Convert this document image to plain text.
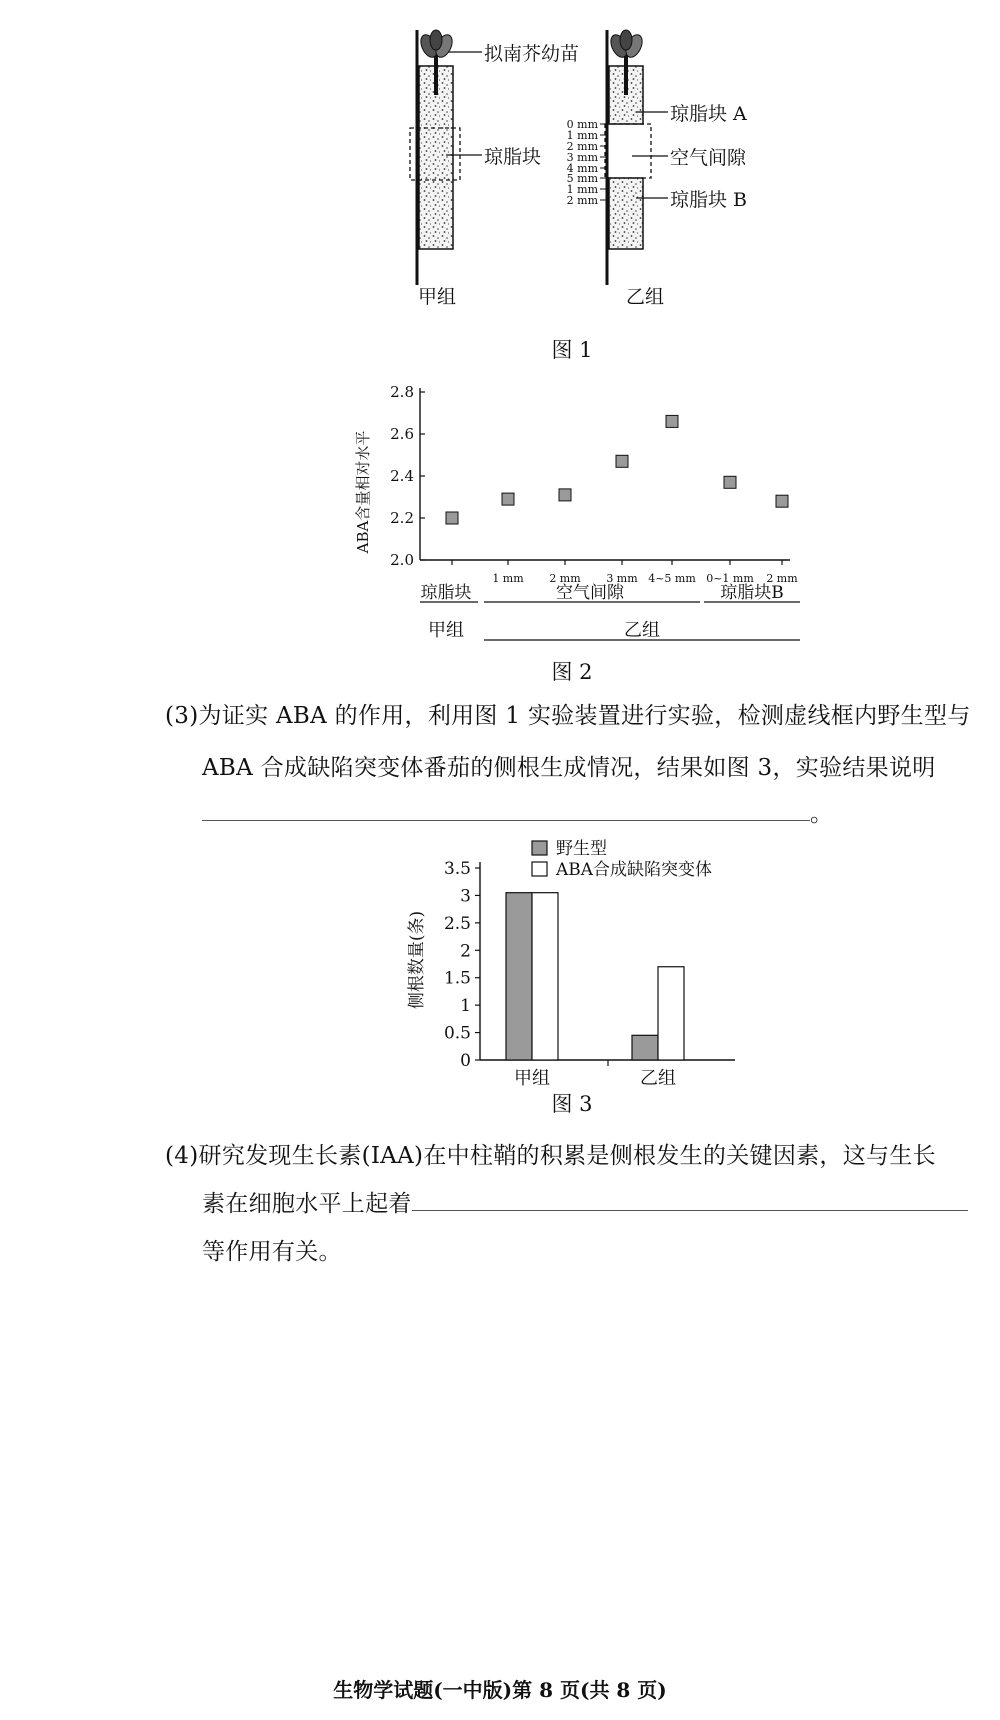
拟南芥幼苗
琼脂块
甲组
0 mm
1 mm
2 mm
3 mm
4 mm
5 mm
1 mm
2 mm
琼脂块 A
空气间隙
琼脂块 B
乙组
图 1
ABA含量相对水平
2.0
2.2
2.4
2.6
2.8
1 mm 2 mm 3 mm 4~5 mm 0~1 mm 2 mm
琼脂块	空气间隙	琼脂块B
甲组	乙组
图 2
(3)为证实 ABA 的作用，利用图 1 实验装置进行实验，检测虚线框内野生型与
ABA 合成缺陷突变体番茄的侧根生成情况，结果如图 3，实验结果说明
。
侧根数量(条)
0
0.5
1
1.5
2
2.5
3
3.5
甲组	乙组
野生型
ABA合成缺陷突变体
图 3
(4)研究发现生长素(IAA)在中柱鞘的积累是侧根发生的关键因素，这与生长
素在细胞水平上起着
等作用有关。
生物学试题(一中版)第 8 页(共 8 页)
